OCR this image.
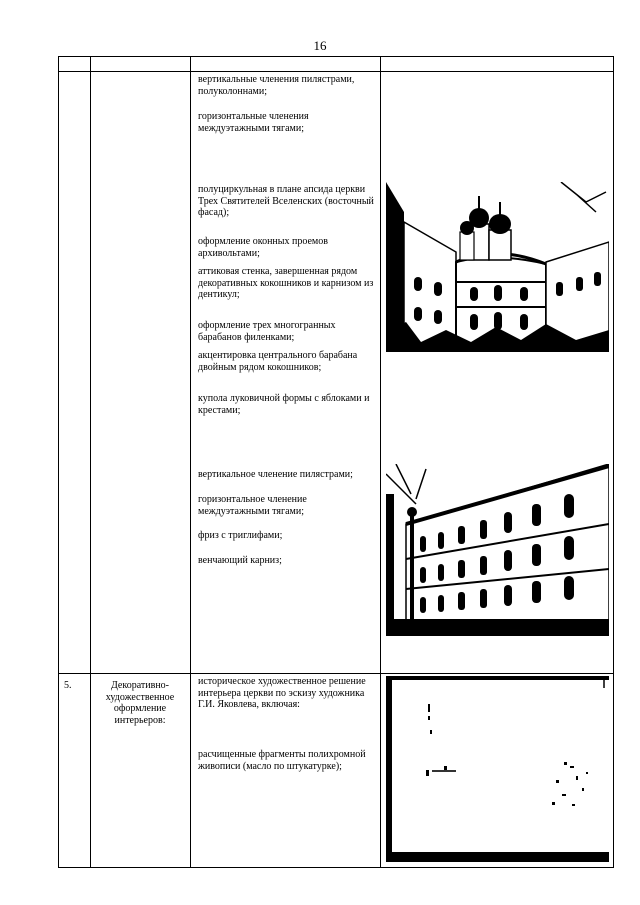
16
вертикальные членения пилястрами, полуколоннами;
горизонтальные членения междуэтажными тягами;
полуциркульная в плане апсида церкви Трех Святителей Вселенских (восточный фасад);
оформление оконных проемов архивольтами;
аттиковая стенка, завершенная рядом декоративных кокошников и карнизом из дентикул;
оформление трех многогранных барабанов филенками;
акцентировка центрального барабана двойным рядом кокошников;
купола луковичной формы с яблоками и крестами;
вертикальное членение пилястрами;
горизонтальное членение междуэтажными тягами;
фриз с триглифами;
венчающий карниз;
5.	Декоративно-художественное оформление интерьеров:
историческое художественное решение интерьера церкви по эскизу художника Г.И. Яковлева, включая:
расчищенные фрагменты полихромной живописи (масло по штукатурке);
